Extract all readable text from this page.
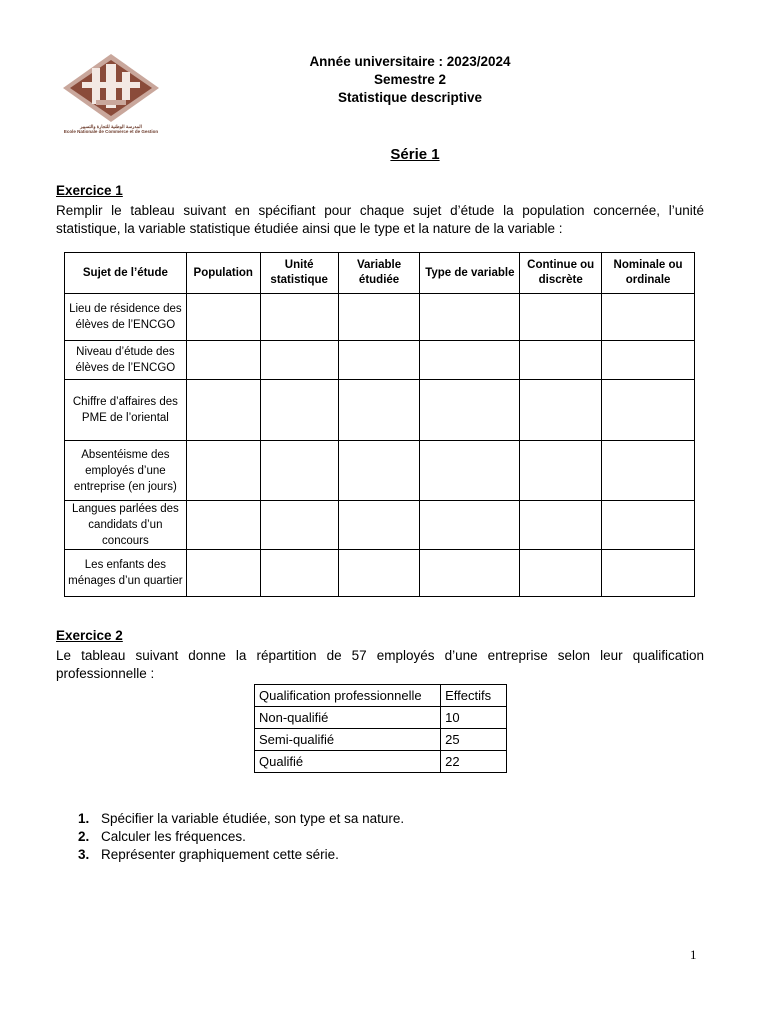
المدرسة الوطنية للتجارة والتسيير
Ecole Nationale de Commerce et de Gestion
Année universitaire : 2023/2024
Semestre 2
Statistique descriptive
Série 1
Exercice 1
Remplir le tableau suivant en spécifiant pour chaque sujet d’étude la population concernée, l’unité statistique, la variable statistique étudiée ainsi que le type et la nature de la variable :
Sujet de l’étude	Population	Unité statistique	Variable étudiée	Type de variable	Continue ou discrète	Nominale ou ordinale
Lieu de résidence des élèves de l’ENCGO						
Niveau d’étude des élèves de l’ENCGO						
Chiffre d’affaires des PME de l’oriental						
Absentéisme des employés d’une entreprise (en jours)						
Langues parlées des candidats d’un concours						
Les enfants des ménages d’un quartier						
Exercice 2
Le tableau suivant donne la répartition de 57 employés d’une entreprise selon leur qualification professionnelle :
Qualification professionnelle	Effectifs
Non-qualifié	10
Semi-qualifié	25
Qualifié	22
1. Spécifier la variable étudiée, son type et sa nature.
2. Calculer les fréquences.
3. Représenter graphiquement cette série.
1
